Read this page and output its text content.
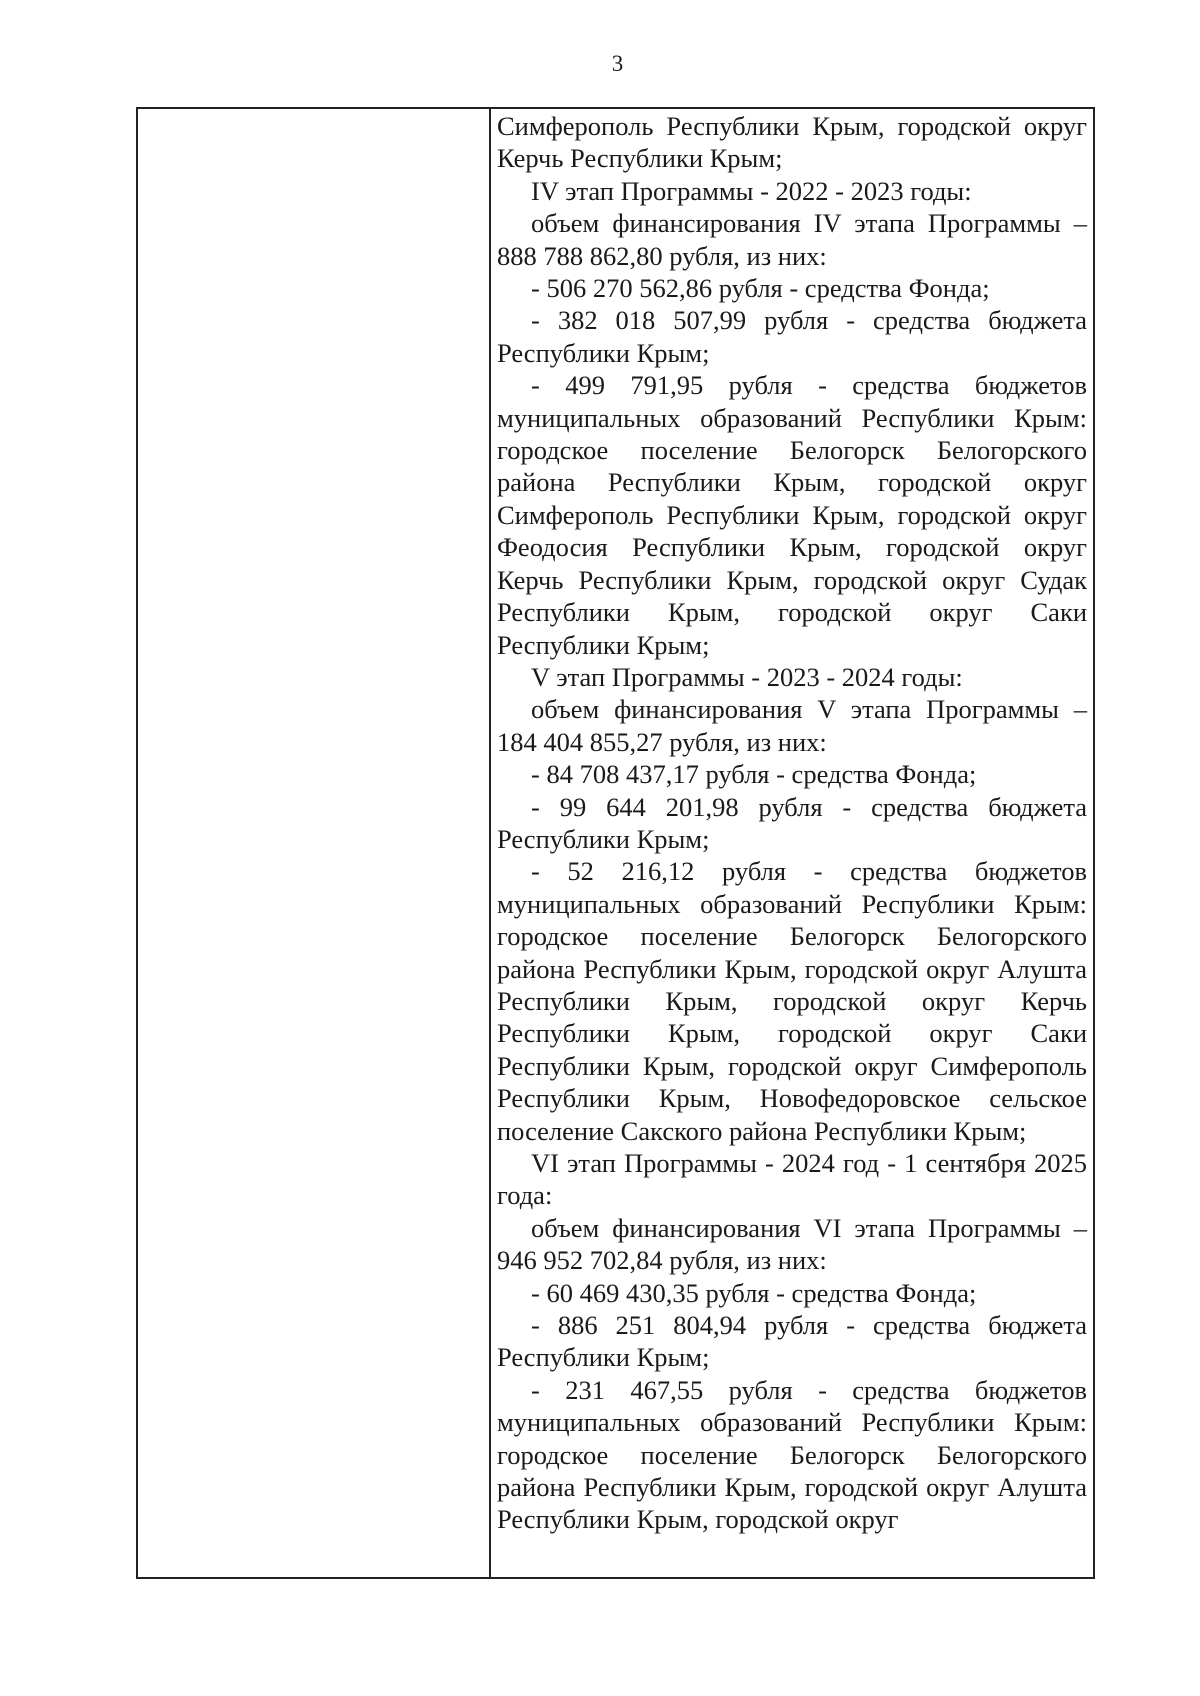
3

Симферополь Республики Крым, городской округ Керчь Республики Крым;

IV этап Программы - 2022 - 2023 годы:

объем финансирования IV этапа Программы – 888 788 862,80 рубля, из них:

- 506 270 562,86 рубля - средства Фонда;

- 382 018 507,99 рубля - средства бюджета Республики Крым;

- 499 791,95 рубля - средства бюджетов муниципальных образований Республики Крым: городское поселение Белогорск Белогорского района Республики Крым, городской округ Симферополь Республики Крым, городской округ Феодосия Республики Крым, городской округ Керчь Республики Крым, городской округ Судак Республики Крым, городской округ Саки Республики Крым;

V этап Программы - 2023 - 2024 годы:

объем финансирования V этапа Программы – 184 404 855,27 рубля, из них:

- 84 708 437,17 рубля - средства Фонда;

- 99 644 201,98 рубля - средства бюджета Республики Крым;

- 52 216,12 рубля - средства бюджетов муниципальных образований Республики Крым: городское поселение Белогорск Белогорского района Республики Крым, городской округ Алушта Республики Крым, городской округ Керчь Республики Крым, городской округ Саки Республики Крым, городской округ Симферополь Республики Крым, Новофедоровское сельское поселение Сакского района Республики Крым;

VI этап Программы - 2024 год - 1 сентября 2025 года:

объем финансирования VI этапа Программы – 946 952 702,84 рубля, из них:

- 60 469 430,35 рубля - средства Фонда;

- 886 251 804,94 рубля - средства бюджета Республики Крым;

- 231 467,55 рубля - средства бюджетов муниципальных образований Республики Крым: городское поселение Белогорск Белогорского района Республики Крым, городской округ Алушта Республики Крым, городской округ
